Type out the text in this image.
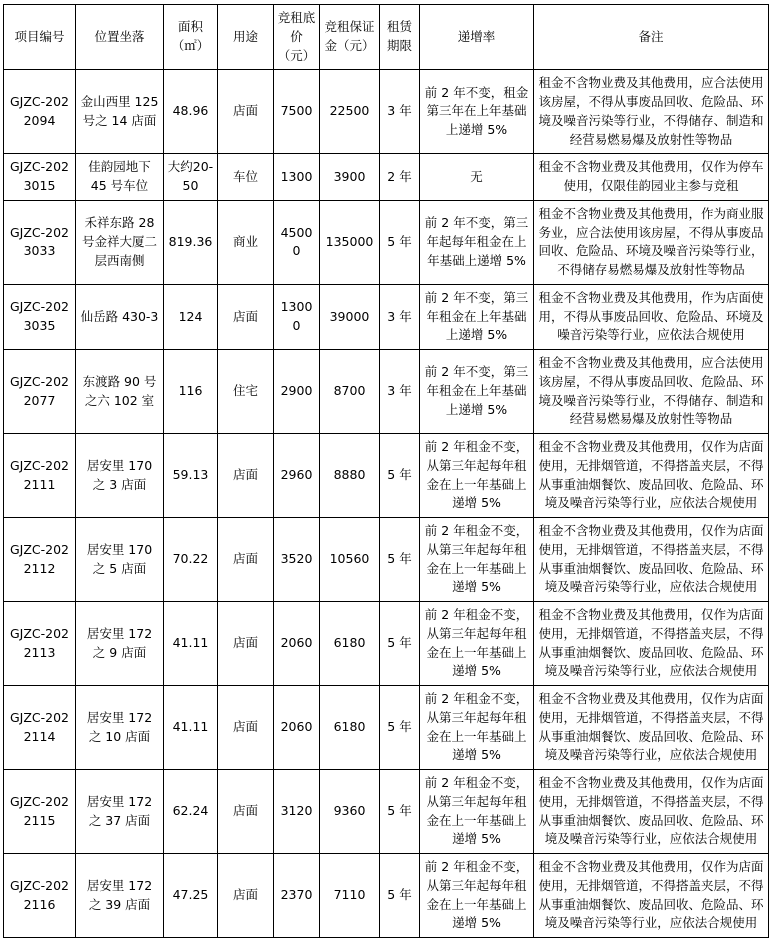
项目编号	位置坐落	面积（㎡）	用途	竞租底价（元）	竞租保证金（元）	租赁期限	递增率	备注
GJZC-2022094	金山西里 125 号之 14 店面	48.96	店面	7500	22500	3 年	前 2 年不变，租金第三年在上年基础上递增 5%	租金不含物业费及其他费用，应合法使用该房屋，不得从事废品回收、危险品、环境及噪音污染等行业，不得储存、制造和经营易燃易爆及放射性等物品
GJZC-2023015	佳韵园地下 45 号车位	大约20-50	车位	1300	3900	2 年	无	租金不含物业费及其他费用，仅作为停车使用，仅限佳韵园业主参与竞租
GJZC-2023033	禾祥东路 28 号金祥大厦二层西南侧	819.36	商业	45000	135000	5 年	前 2 年不变，第三年起每年租金在上年基础上递增 5%	租金不含物业费及其他费用，作为商业服务业，应合法使用该房屋，不得从事废品回收、危险品、环境及噪音污染等行业，不得储存易燃易爆及放射性等物品
GJZC-2023035	仙岳路 430-3	124	店面	13000	39000	3 年	前 2 年不变，第三年租金在上年基础上递增 5%	租金不含物业费及其他费用，作为店面使用，不得从事废品回收、危险品、环境及噪音污染等行业，应依法合规使用
GJZC-2022077	东渡路 90 号之六 102 室	116	住宅	2900	8700	3 年	前 2 年不变，第三年租金在上年基础上递增 5%	租金不含物业费及其他费用，应合法使用该房屋，不得从事废品回收、危险品、环境及噪音污染等行业，不得储存、制造和经营易燃易爆及放射性等物品
GJZC-2022111	居安里 170 之 3 店面	59.13	店面	2960	8880	5 年	前 2 年租金不变，从第三年起每年租金在上一年基础上递增 5%	租金不含物业费及其他费用，仅作为店面使用，无排烟管道，不得搭盖夹层，不得从事重油烟餐饮、废品回收、危险品、环境及噪音污染等行业，应依法合规使用
GJZC-2022112	居安里 170 之 5 店面	70.22	店面	3520	10560	5 年	前 2 年租金不变，从第三年起每年租金在上一年基础上递增 5%	租金不含物业费及其他费用，仅作为店面使用，无排烟管道，不得搭盖夹层，不得从事重油烟餐饮、废品回收、危险品、环境及噪音污染等行业，应依法合规使用
GJZC-2022113	居安里 172 之 9 店面	41.11	店面	2060	6180	5 年	前 2 年租金不变，从第三年起每年租金在上一年基础上递增 5%	租金不含物业费及其他费用，仅作为店面使用，无排烟管道，不得搭盖夹层，不得从事重油烟餐饮、废品回收、危险品、环境及噪音污染等行业，应依法合规使用
GJZC-2022114	居安里 172 之 10 店面	41.11	店面	2060	6180	5 年	前 2 年租金不变，从第三年起每年租金在上一年基础上递增 5%	租金不含物业费及其他费用，仅作为店面使用，无排烟管道，不得搭盖夹层，不得从事重油烟餐饮、废品回收、危险品、环境及噪音污染等行业，应依法合规使用
GJZC-2022115	居安里 172 之 37 店面	62.24	店面	3120	9360	5 年	前 2 年租金不变，从第三年起每年租金在上一年基础上递增 5%	租金不含物业费及其他费用，仅作为店面使用，无排烟管道，不得搭盖夹层，不得从事重油烟餐饮、废品回收、危险品、环境及噪音污染等行业，应依法合规使用
GJZC-2022116	居安里 172 之 39 店面	47.25	店面	2370	7110	5 年	前 2 年租金不变，从第三年起每年租金在上一年基础上递增 5%	租金不含物业费及其他费用，仅作为店面使用，无排烟管道，不得搭盖夹层，不得从事重油烟餐饮、废品回收、危险品、环境及噪音污染等行业，应依法合规使用
